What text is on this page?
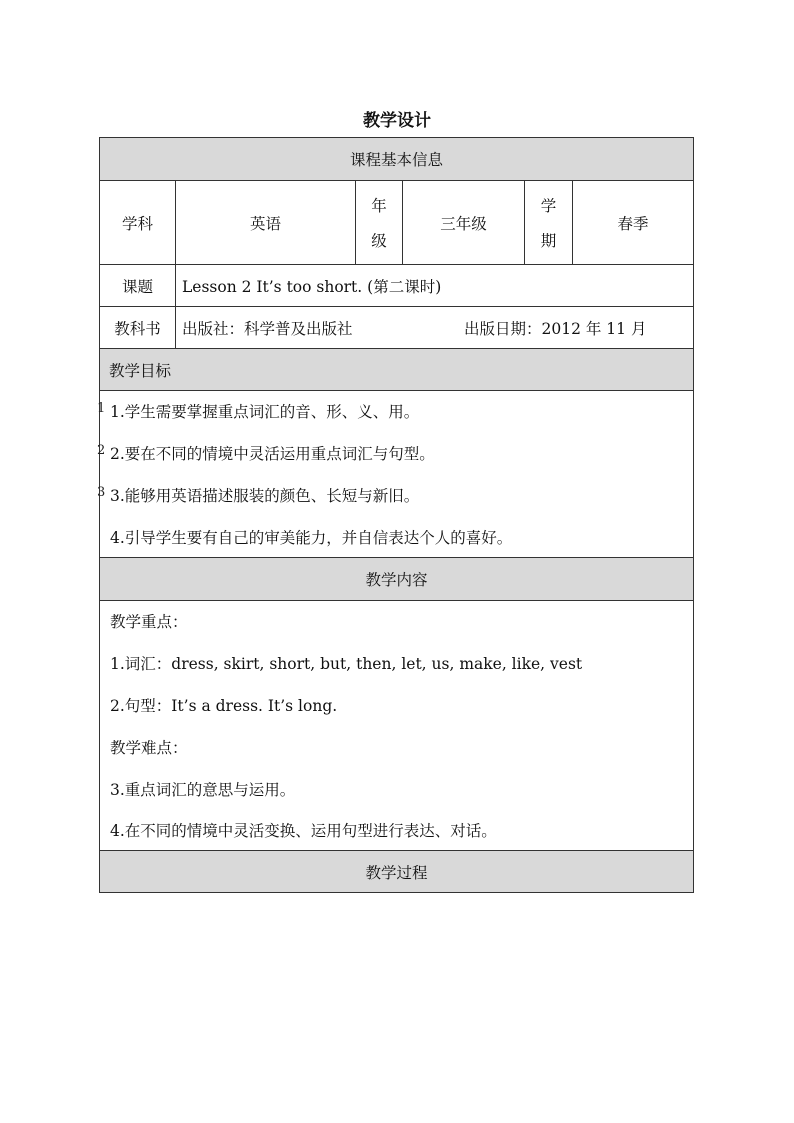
教学设计
课程基本信息
学科	英语
年
级
三年级
学
期
春季
课题 Lesson 2 It’s too short. (第二课时)
教科书 出版社：科学普及出版社	出版日期：2012 年 11 月
教学目标
1
2
3
1.学生需要掌握重点词汇的音、形、义、用。
2.要在不同的情境中灵活运用重点词汇与句型。
3.能够用英语描述服装的颜色、长短与新旧。
4.引导学生要有自己的审美能力，并自信表达个人的喜好。
教学内容
教学重点：
1.词汇：dress, skirt, short, but, then, let, us, make, like, vest
2.句型：It’s a dress. It’s long.
教学难点：
3.重点词汇的意思与运用。
4.在不同的情境中灵活变换、运用句型进行表达、对话。
教学过程
